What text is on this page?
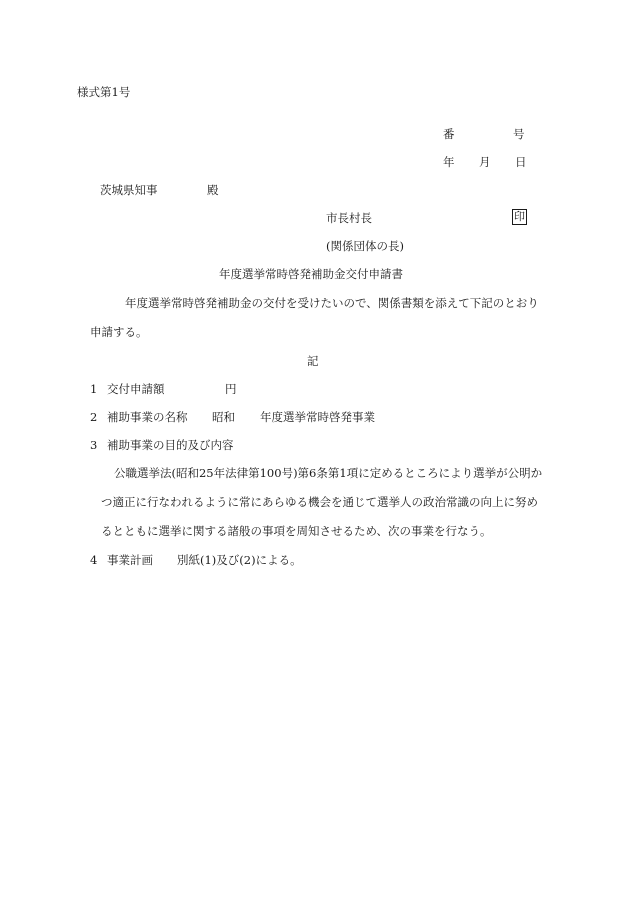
様式第1号
番	号
年 月 日
茨城県知事	殿
市長村長	印
(関係団体の長)
年度選挙常時啓発補助金交付申請書
年度選挙常時啓発補助金の交付を受けたいので、関係書類を添えて下記のとおり
申請する。
記
1 交付申請額	円
2 補助事業の名称 昭和 年度選挙常時啓発事業
3 補助事業の目的及び内容
公職選挙法(昭和25年法律第100号)第6条第1項に定めるところにより選挙が公明か
つ適正に行なわれるように常にあらゆる機会を通じて選挙人の政治常識の向上に努め
るとともに選挙に関する諸般の事項を周知させるため、次の事業を行なう。
4 事業計画 別紙(1)及び(2)による。
